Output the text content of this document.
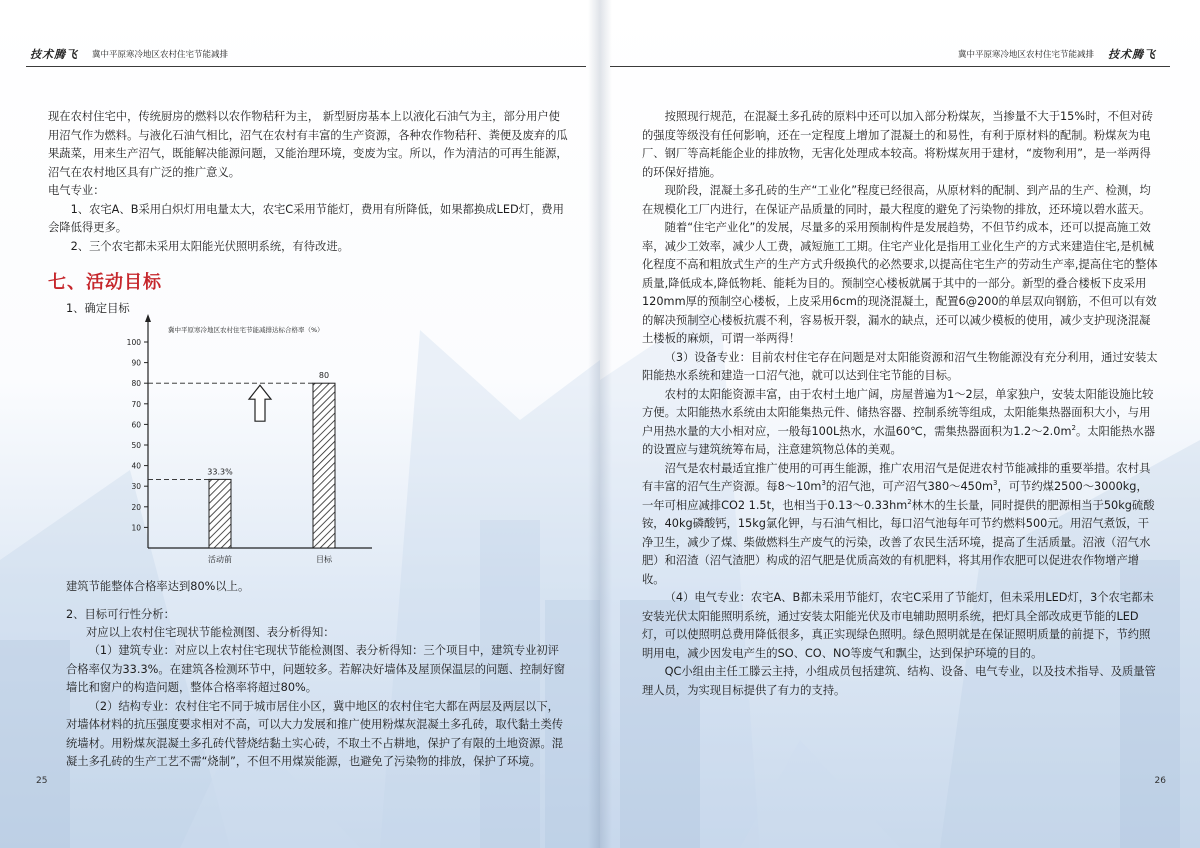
技术腾飞 冀中平原寒冷地区农村住宅节能减排

现在农村住宅中，传统厨房的燃料以农作物秸秆为主， 新型厨房基本上以液化石油气为主，部分用户使用沼气作为燃料。与液化石油气相比，沼气在农村有丰富的生产资源，各种农作物秸秆、粪便及废弃的瓜果蔬菜，用来生产沼气，既能解决能源问题，又能治理环境，变废为宝。所以，作为清洁的可再生能源，沼气在农村地区具有广泛的推广意义。

电气专业：

1、农宅A、B采用白炽灯用电量太大，农宅C采用节能灯，费用有所降低，如果都换成LED灯，费用会降低得更多。

2、三个农宅都未采用太阳能光伏照明系统，有待改进。

七、活动目标
1、确定目标
冀中平原寒冷地区农村住宅节能减排达标合格率（%）
10
20
30
40
50
60
70
80
90
100
33.3%
活动前
80
目标

建筑节能整体合格率达到80%以上。

2、目标可行性分析：

对应以上农村住宅现状节能检测图、表分析得知：

（1）建筑专业：对应以上农村住宅现状节能检测图、表分析得知：三个项目中，建筑专业初评合格率仅为33.3%。在建筑各检测环节中，问题较多。若解决好墙体及屋顶保温层的问题、控制好窗墙比和窗户的构造问题，整体合格率将超过80%。

（2）结构专业：农村住宅不同于城市居住小区，冀中地区的农村住宅大都在两层及两层以下，对墙体材料的抗压强度要求相对不高，可以大力发展和推广使用粉煤灰混凝土多孔砖，取代黏土类传统墙材。用粉煤灰混凝土多孔砖代替烧结黏土实心砖，不取土不占耕地，保护了有限的土地资源。混凝土多孔砖的生产工艺不需“烧制”，不但不用煤炭能源，也避免了污染物的排放，保护了环境。

25
冀中平原寒冷地区农村住宅节能减排 技术腾飞

按照现行规范，在混凝土多孔砖的原料中还可以加入部分粉煤灰，当掺量不大于15%时，不但对砖的强度等级没有任何影响，还在一定程度上增加了混凝土的和易性，有利于原材料的配制。粉煤灰为电厂、钢厂等高耗能企业的排放物，无害化处理成本较高。将粉煤灰用于建材，“废物利用”，是一举两得的环保好措施。

现阶段，混凝土多孔砖的生产“工业化”程度已经很高，从原材料的配制、到产品的生产、检测，均在规模化工厂内进行，在保证产品质量的同时，最大程度的避免了污染物的排放，还环境以碧水蓝天。

随着“住宅产业化”的发展，尽量多的采用预制构件是发展趋势，不但节约成本，还可以提高施工效率，减少工效率，减少人工费，减短施工工期。住宅产业化是指用工业化生产的方式来建造住宅,是机械化程度不高和粗放式生产的生产方式升级换代的必然要求,以提高住宅生产的劳动生产率,提高住宅的整体质量,降低成本,降低物耗、能耗为目的。预制空心楼板就属于其中的一部分。新型的叠合楼板下皮采用120mm厚的预制空心楼板，上皮采用6cm的现浇混凝土，配置6@200的单层双向钢筋，不但可以有效的解决预制空心楼板抗震不利，容易板开裂，漏水的缺点，还可以减少模板的使用，减少支护现浇混凝土楼板的麻烦，可谓一举两得！

（3）设备专业：目前农村住宅存在问题是对太阳能资源和沼气生物能源没有充分利用，通过安装太阳能热水系统和建造一口沼气池，就可以达到住宅节能的目标。

农村的太阳能资源丰富，由于农村土地广阔，房屋普遍为1～2层，单家独户，安装太阳能设施比较方便。太阳能热水系统由太阳能集热元件、储热容器、控制系统等组成，太阳能集热器面积大小，与用户用热水量的大小相对应，一般每100L热水，水温60℃，需集热器面积为$1.2\sim 2.0m^2$。太阳能热水器的设置应与建筑统筹布局，注意建筑物总体的美观。

沼气是农村最适宜推广使用的可再生能源，推广农用沼气是促进农村节能减排的重要举措。农村具有丰富的沼气生产资源。每$8\sim 10m^3$的沼气池，可产沼气$380\sim 450m^3$，可节约煤2500～3000kg，一年可相应减排CO2 1.5t，也相当于$0.13\sim 0.33hm^2$林木的生长量，同时提供的肥源相当于50kg硫酸铵，40kg磷酸钙，15kg氯化钾，与石油气相比，每口沼气池每年可节约燃料500元。用沼气煮饭，干净卫生，减少了煤、柴做燃料生产废气的污染，改善了农民生活环境，提高了生活质量。沼液（沼气水肥）和沼渣（沼气渣肥）构成的沼气肥是优质高效的有机肥料，将其用作农肥可以促进农作物增产增收。

（4）电气专业：农宅A、B都未采用节能灯，农宅C采用了节能灯，但未采用LED灯，3个农宅都未安装光伏太阳能照明系统，通过安装太阳能光伏及市电辅助照明系统，把灯具全部改成更节能的LED灯，可以使照明总费用降低很多，真正实现绿色照明。绿色照明就是在保证照明质量的前提下，节约照明用电，减少因发电产生的SO、CO、NO等废气和飘尘，达到保护环境的目的。

QC小组由主任工滕云主持，小组成员包括建筑、结构、设备、电气专业，以及技术指导、及质量管理人员，为实现目标提供了有力的支持。

26
